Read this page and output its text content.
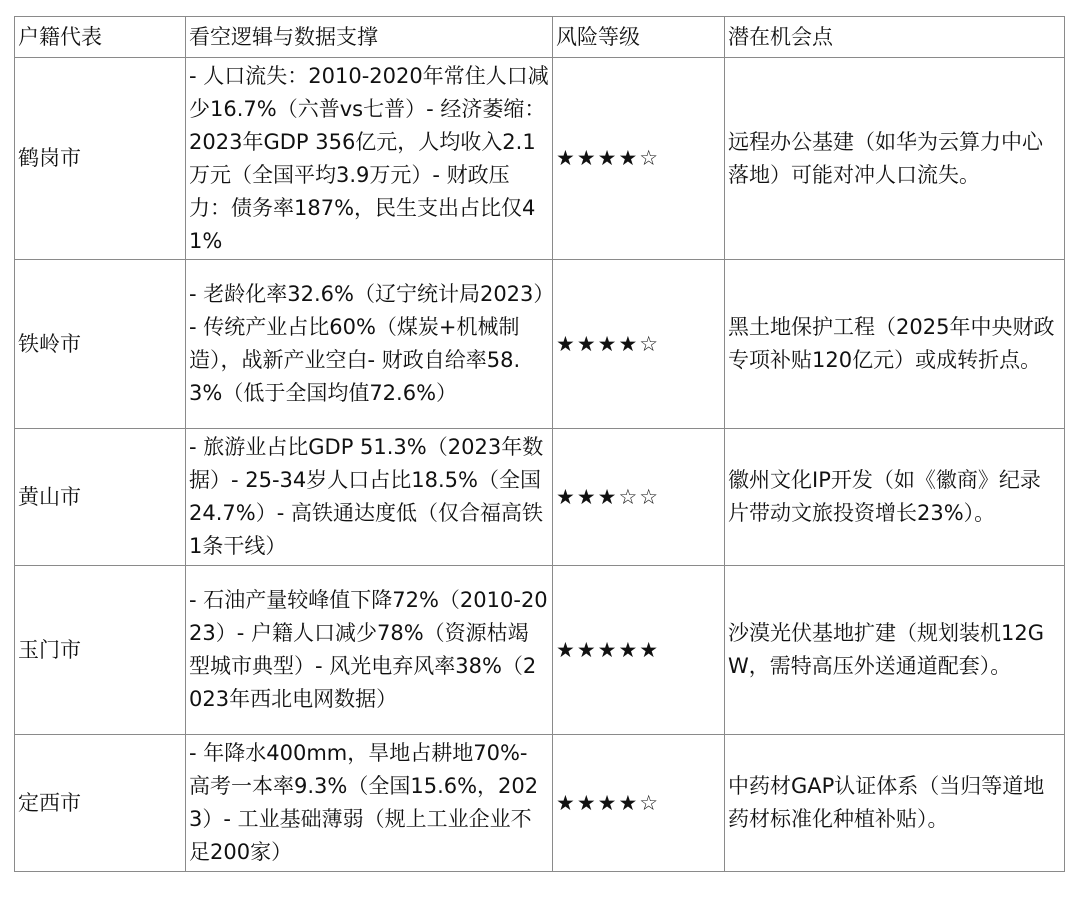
户籍代表	看空逻辑与数据支撑	风险等级	潜在机会点
鹤岗市	- 人口流失：2010-2020年常住人口减少16.7%（六普vs七普）- 经济萎缩：2023年GDP 356亿元，人均收入2.1万元（全国平均3.9万元）- 财政压力：债务率187%，民生支出占比仅41%	★★★★☆	远程办公基建（如华为云算力中心落地）可能对冲人口流失。
铁岭市	- 老龄化率32.6%（辽宁统计局2023）- 传统产业占比60%（煤炭+机械制造），战新产业空白- 财政自给率58.3%（低于全国均值72.6%）	★★★★☆	黑土地保护工程（2025年中央财政专项补贴120亿元）或成转折点。
黄山市	- 旅游业占比GDP 51.3%（2023年数据）- 25-34岁人口占比18.5%（全国24.7%）- 高铁通达度低（仅合福高铁1条干线）	★★★☆☆	徽州文化IP开发（如《徽商》纪录片带动文旅投资增长23%）。
玉门市	- 石油产量较峰值下降72%（2010-2023）- 户籍人口减少78%（资源枯竭型城市典型）- 风光电弃风率38%（2023年西北电网数据）	★★★★★	沙漠光伏基地扩建（规划装机12GW，需特高压外送通道配套）。
定西市	- 年降水400mm，旱地占耕地70%- 高考一本率9.3%（全国15.6%，2023）- 工业基础薄弱（规上工业企业不足200家）	★★★★☆	中药材GAP认证体系（当归等道地药材标准化种植补贴）。
